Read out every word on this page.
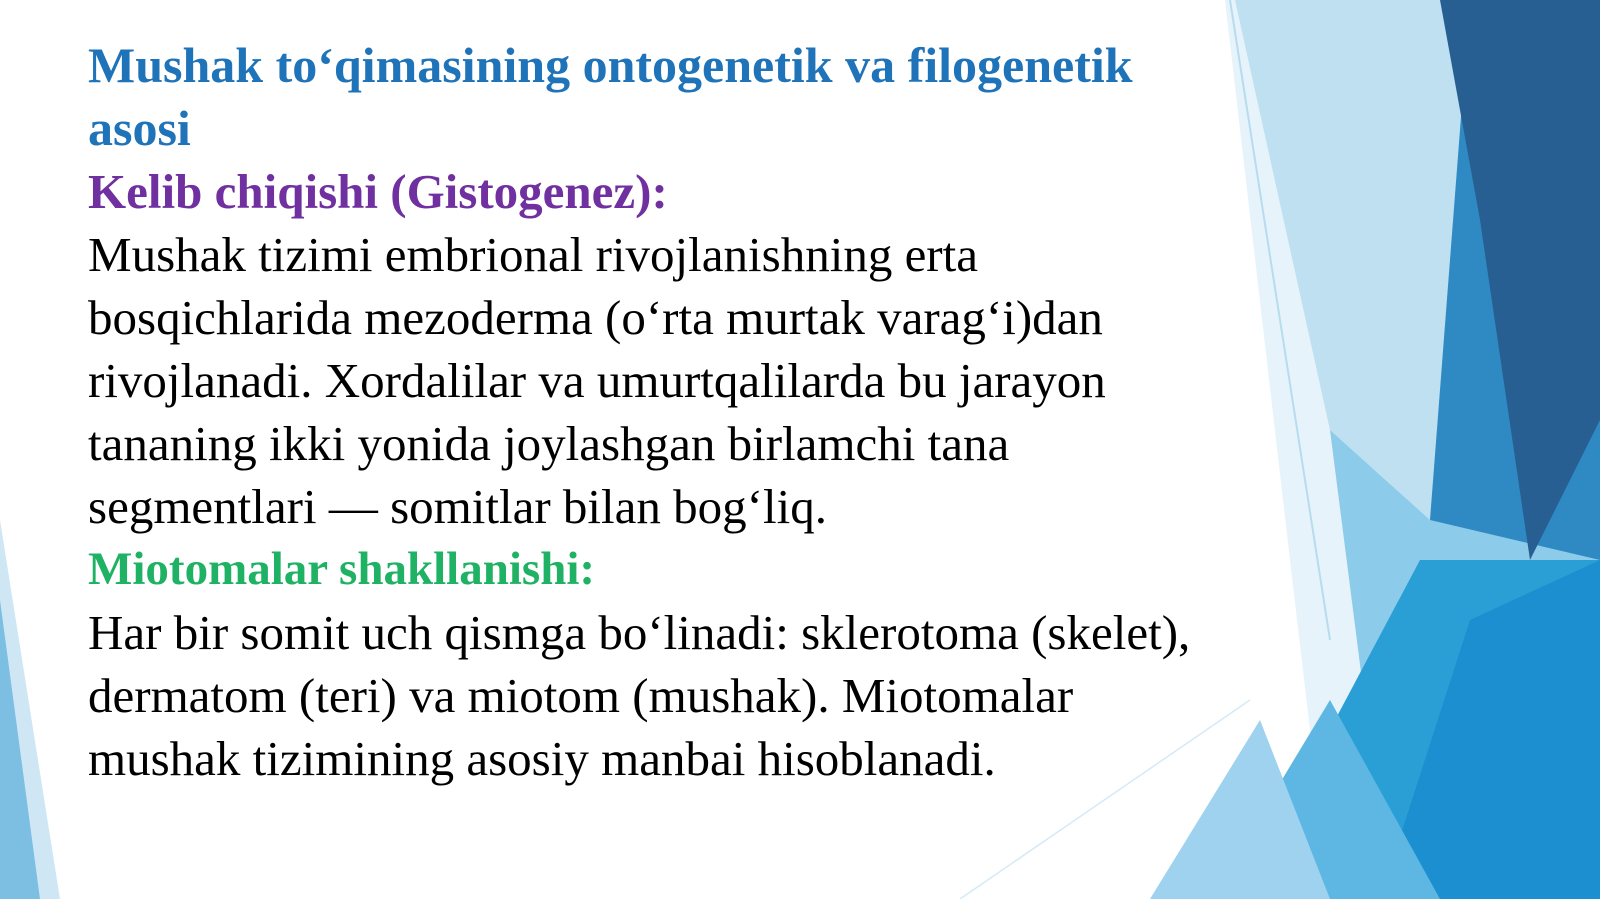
Mushak to‘qimasining ontogenetik va filogenetik asosi
Kelib chiqishi (Gistogenez):
Mushak tizimi embrional rivojlanishning erta bosqichlarida mezoderma (o‘rta murtak varag‘i)dan rivojlanadi. Xordalilar va umurtqalilarda bu jarayon tananing ikki yonida joylashgan birlamchi tana segmentlari — somitlar bilan bog‘liq.
Miotomalar shakllanishi:
Har bir somit uch qismga bo‘linadi: sklerotoma (skelet), dermatom (teri) va miotom (mushak). Miotomalar mushak tizimining asosiy manbai hisoblanadi.
